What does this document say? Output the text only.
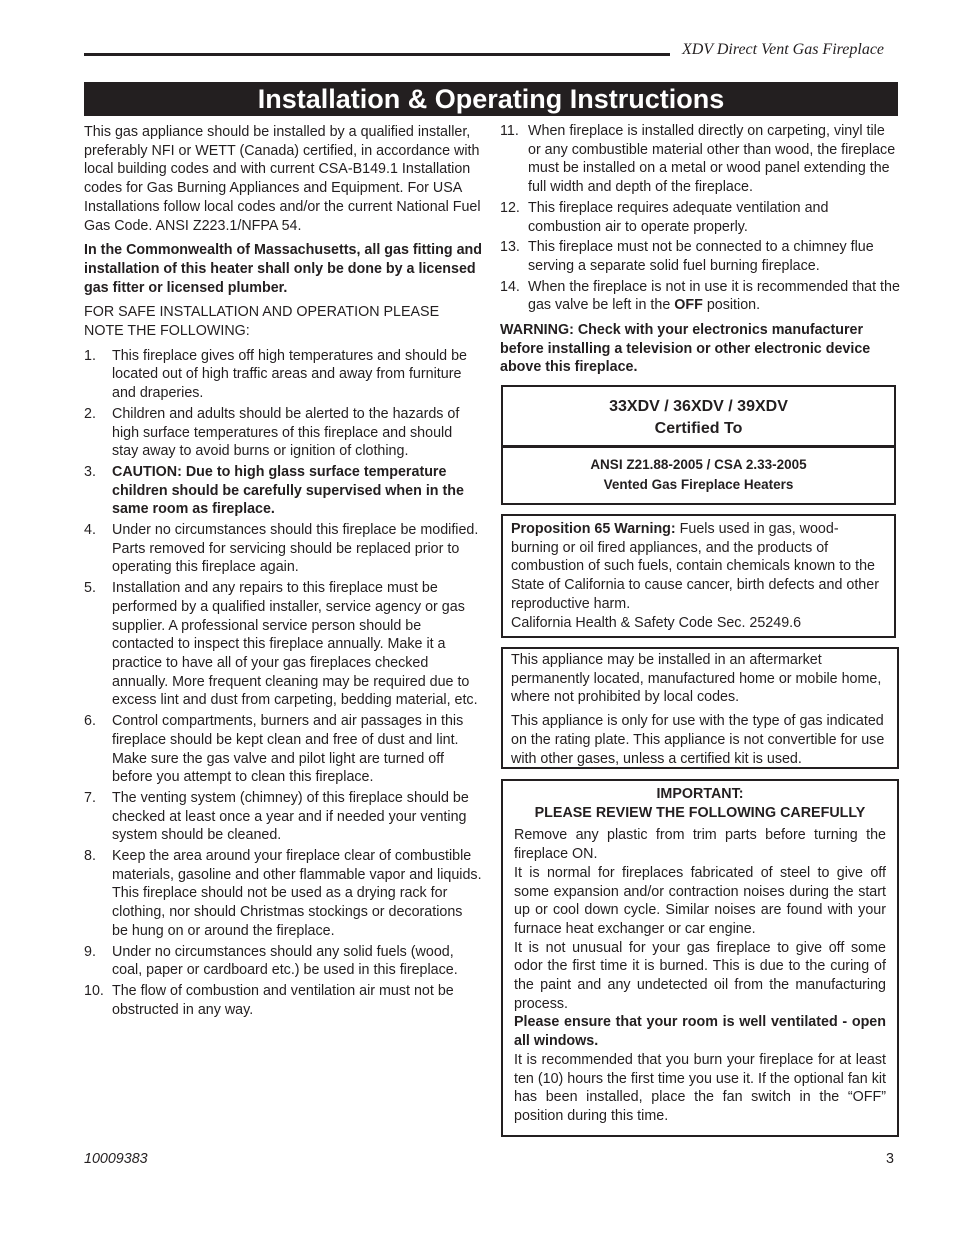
XDV Direct Vent Gas Fireplace
Installation & Operating Instructions

This gas appliance should be installed by a qualified installer, preferably NFI or WETT (Canada) certified, in accordance with local building codes and with current CSA-B149.1 Installation codes for Gas Burning Appliances and Equipment. For USA Installations follow local codes and/or the current National Fuel Gas Code. ANSI Z223.1/NFPA 54.

In the Commonwealth of Massachusetts, all gas fitting and installation of this heater shall only be done by a licensed gas fitter or licensed plumber.

FOR SAFE INSTALLATION AND OPERATION PLEASE NOTE THE FOLLOWING:

1. This fireplace gives off high temperatures and should be located out of high traffic areas and away from furniture and draperies.
2. Children and adults should be alerted to the hazards of high surface temperatures of this fireplace and should stay away to avoid burns or ignition of clothing.
3. CAUTION: Due to high glass surface temperature children should be carefully supervised when in the same room as fireplace.
4. Under no circumstances should this fireplace be modified. Parts removed for servicing should be replaced prior to operating this fireplace again.
5. Installation and any repairs to this fireplace must be performed by a qualified installer, service agency or gas supplier. A professional service person should be contacted to inspect this fireplace annually. Make it a practice to have all of your gas fireplaces checked annually. More frequent cleaning may be required due to excess lint and dust from carpeting, bedding material, etc.
6. Control compartments, burners and air passages in this fireplace should be kept clean and free of dust and lint. Make sure the gas valve and pilot light are turned off before you attempt to clean this fireplace.
7. The venting system (chimney) of this fireplace should be checked at least once a year and if needed your venting system should be cleaned.
8. Keep the area around your fireplace clear of combustible materials, gasoline and other flammable vapor and liquids. This fireplace should not be used as a drying rack for clothing, nor should Christmas stockings or decorations be hung on or around the fireplace.
9. Under no circumstances should any solid fuels (wood, coal, paper or cardboard etc.) be used in this fireplace.
10. The flow of combustion and ventilation air must not be obstructed in any way.
11. When fireplace is installed directly on carpeting, vinyl tile or any combustible material other than wood, the fireplace must be installed on a metal or wood panel extending the full width and depth of the fireplace.
12. This fireplace requires adequate ventilation and combustion air to operate properly.
13. This fireplace must not be connected to a chimney flue serving a separate solid fuel burning fireplace.
14. When the fireplace is not in use it is recommended that the gas valve be left in the OFF position.

WARNING: Check with your electronics manufacturer before installing a television or other electronic device above this fireplace.

33XDV / 36XDV / 39XDV
Certified To
ANSI Z21.88-2005 / CSA 2.33-2005
Vented Gas Fireplace Heaters
Proposition 65 Warning: Fuels used in gas, wood-burning or oil fired appliances, and the products of combustion of such fuels, contain chemicals known to the State of California to cause cancer, birth defects and other reproductive harm.
California Health & Safety Code Sec. 25249.6

This appliance may be installed in an aftermarket permanently located, manufactured home or mobile home, where not prohibited by local codes.

This appliance is only for use with the type of gas indicated on the rating plate. This appliance is not convertible for use with other gases, unless a certified kit is used.

IMPORTANT:
PLEASE REVIEW THE FOLLOWING CAREFULLY

Remove any plastic from trim parts before turning the fireplace ON.

It is normal for fireplaces fabricated of steel to give off some expansion and/or contraction noises during the start up or cool down cycle. Similar noises are found with your furnace heat exchanger or car engine.

It is not unusual for your gas fireplace to give off some odor the first time it is burned. This is due to the curing of the paint and any undetected oil from the manufacturing process.

Please ensure that your room is well ventilated - open all windows.

It is recommended that you burn your fireplace for at least ten (10) hours the first time you use it. If the optional fan kit has been installed, place the fan switch in the “OFF” position during this time.

10009383	3
